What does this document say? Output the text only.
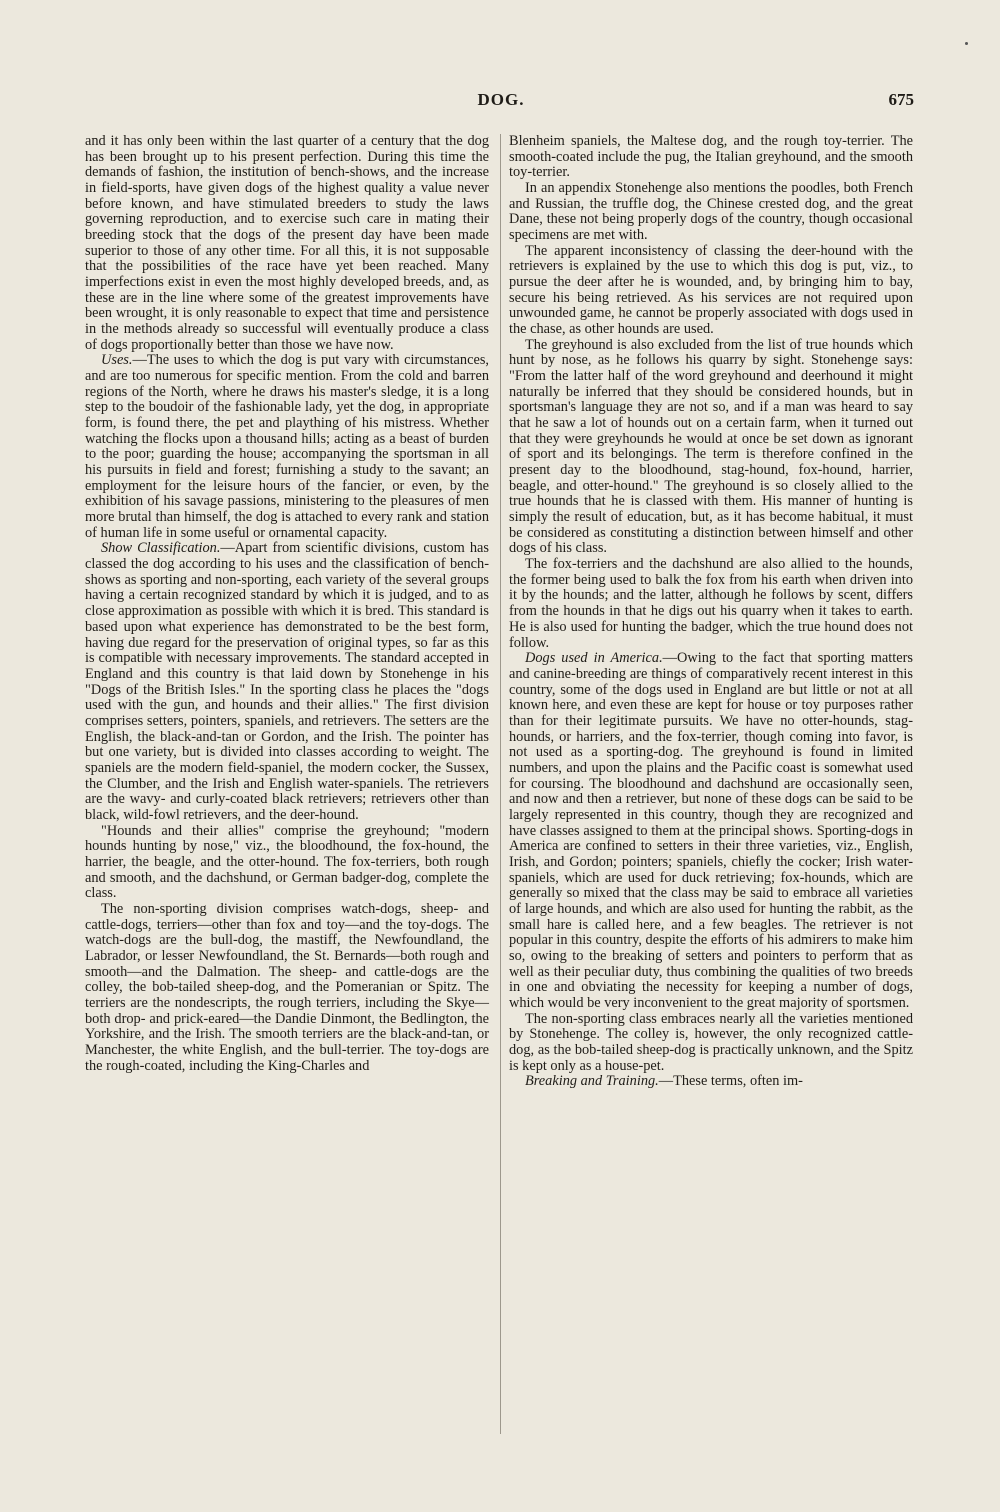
DOG.	675

and it has only been within the last quarter of a century that the dog has been brought up to his present perfection. During this time the demands of fashion, the institution of bench-shows, and the increase in field-sports, have given dogs of the highest quality a value never before known, and have stimulated breeders to study the laws governing reproduction, and to exercise such care in mating their breeding stock that the dogs of the present day have been made superior to those of any other time. For all this, it is not supposable that the possibilities of the race have yet been reached. Many imperfections exist in even the most highly developed breeds, and, as these are in the line where some of the greatest improvements have been wrought, it is only reasonable to expect that time and persistence in the methods already so successful will eventually produce a class of dogs proportionally better than those we have now.

Uses.—The uses to which the dog is put vary with circumstances, and are too numerous for specific mention. From the cold and barren regions of the North, where he draws his master's sledge, it is a long step to the boudoir of the fashionable lady, yet the dog, in appropriate form, is found there, the pet and plaything of his mistress. Whether watching the flocks upon a thousand hills; acting as a beast of burden to the poor; guarding the house; accompanying the sportsman in all his pursuits in field and forest; furnishing a study to the savant; an employment for the leisure hours of the fancier, or even, by the exhibition of his savage passions, ministering to the pleasures of men more brutal than himself, the dog is attached to every rank and station of human life in some useful or ornamental capacity.

Show Classification.—Apart from scientific divisions, custom has classed the dog according to his uses and the classification of bench-shows as sporting and non-sporting, each variety of the several groups having a certain recognized standard by which it is judged, and to as close approximation as possible with which it is bred. This standard is based upon what experience has demonstrated to be the best form, having due regard for the preservation of original types, so far as this is compatible with necessary improvements. The standard accepted in England and this country is that laid down by Stonehenge in his "Dogs of the British Isles." In the sporting class he places the "dogs used with the gun, and hounds and their allies." The first division comprises setters, pointers, spaniels, and retrievers. The setters are the English, the black-and-tan or Gordon, and the Irish. The pointer has but one variety, but is divided into classes according to weight. The spaniels are the modern field-spaniel, the modern cocker, the Sussex, the Clumber, and the Irish and English water-spaniels. The retrievers are the wavy- and curly-coated black retrievers; retrievers other than black, wild-fowl retrievers, and the deer-hound.

"Hounds and their allies" comprise the greyhound; "modern hounds hunting by nose," viz., the bloodhound, the fox-hound, the harrier, the beagle, and the otter-hound. The fox-terriers, both rough and smooth, and the dachshund, or German badger-dog, complete the class.

The non-sporting division comprises watch-dogs, sheep- and cattle-dogs, terriers—other than fox and toy—and the toy-dogs. The watch-dogs are the bull-dog, the mastiff, the Newfoundland, the Labrador, or lesser Newfoundland, the St. Bernards—both rough and smooth—and the Dalmation. The sheep- and cattle-dogs are the colley, the bob-tailed sheep-dog, and the Pomeranian or Spitz. The terriers are the nondescripts, the rough terriers, including the Skye—both drop- and prick-eared—the Dandie Dinmont, the Bedlington, the Yorkshire, and the Irish. The smooth terriers are the black-and-tan, or Manchester, the white English, and the bull-terrier. The toy-dogs are the rough-coated, including the King-Charles and

Blenheim spaniels, the Maltese dog, and the rough toy-terrier. The smooth-coated include the pug, the Italian greyhound, and the smooth toy-terrier.

In an appendix Stonehenge also mentions the poodles, both French and Russian, the truffle dog, the Chinese crested dog, and the great Dane, these not being properly dogs of the country, though occasional specimens are met with.

The apparent inconsistency of classing the deer-hound with the retrievers is explained by the use to which this dog is put, viz., to pursue the deer after he is wounded, and, by bringing him to bay, secure his being retrieved. As his services are not required upon unwounded game, he cannot be properly associated with dogs used in the chase, as other hounds are used.

The greyhound is also excluded from the list of true hounds which hunt by nose, as he follows his quarry by sight. Stonehenge says: "From the latter half of the word greyhound and deerhound it might naturally be inferred that they should be considered hounds, but in sportsman's language they are not so, and if a man was heard to say that he saw a lot of hounds out on a certain farm, when it turned out that they were greyhounds he would at once be set down as ignorant of sport and its belongings. The term is therefore confined in the present day to the bloodhound, stag-hound, fox-hound, harrier, beagle, and otter-hound." The greyhound is so closely allied to the true hounds that he is classed with them. His manner of hunting is simply the result of education, but, as it has become habitual, it must be considered as constituting a distinction between himself and other dogs of his class.

The fox-terriers and the dachshund are also allied to the hounds, the former being used to balk the fox from his earth when driven into it by the hounds; and the latter, although he follows by scent, differs from the hounds in that he digs out his quarry when it takes to earth. He is also used for hunting the badger, which the true hound does not follow.

Dogs used in America.—Owing to the fact that sporting matters and canine-breeding are things of comparatively recent interest in this country, some of the dogs used in England are but little or not at all known here, and even these are kept for house or toy purposes rather than for their legitimate pursuits. We have no otter-hounds, stag-hounds, or harriers, and the fox-terrier, though coming into favor, is not used as a sporting-dog. The greyhound is found in limited numbers, and upon the plains and the Pacific coast is somewhat used for coursing. The bloodhound and dachshund are occasionally seen, and now and then a retriever, but none of these dogs can be said to be largely represented in this country, though they are recognized and have classes assigned to them at the principal shows. Sporting-dogs in America are confined to setters in their three varieties, viz., English, Irish, and Gordon; pointers; spaniels, chiefly the cocker; Irish water-spaniels, which are used for duck retrieving; fox-hounds, which are generally so mixed that the class may be said to embrace all varieties of large hounds, and which are also used for hunting the rabbit, as the small hare is called here, and a few beagles. The retriever is not popular in this country, despite the efforts of his admirers to make him so, owing to the breaking of setters and pointers to perform that as well as their peculiar duty, thus combining the qualities of two breeds in one and obviating the necessity for keeping a number of dogs, which would be very inconvenient to the great majority of sportsmen.

The non-sporting class embraces nearly all the varieties mentioned by Stonehenge. The colley is, however, the only recognized cattle-dog, as the bob-tailed sheep-dog is practically unknown, and the Spitz is kept only as a house-pet.

Breaking and Training.—These terms, often im-
